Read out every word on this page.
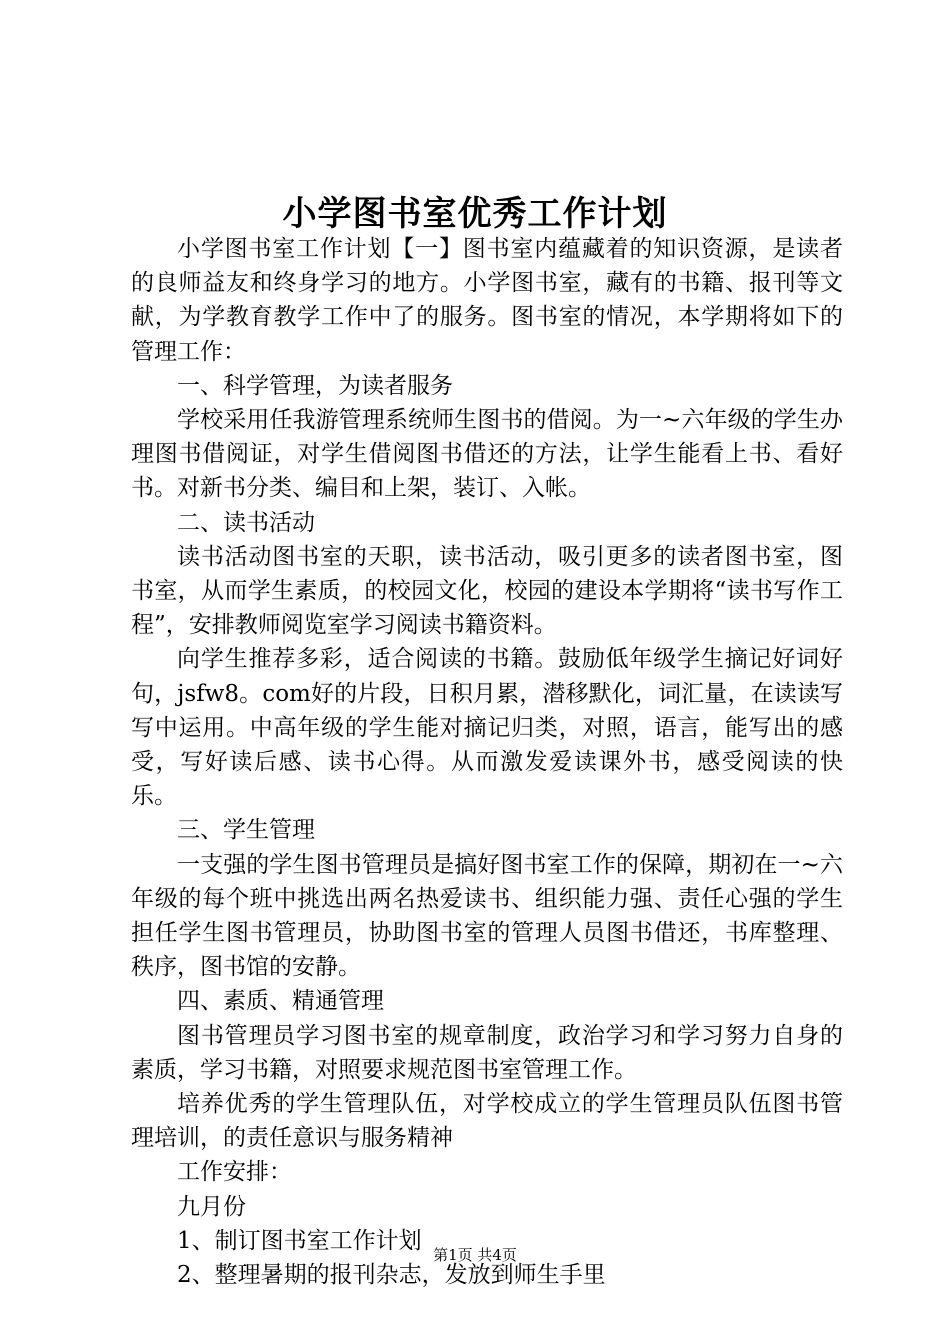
小学图书室优秀工作计划

小学图书室工作计划【一】图书室内蕴藏着的知识资源，是读者的良师益友和终身学习的地方。小学图书室，藏有的书籍、报刊等文献，为学教育教学工作中了的服务。图书室的情况，本学期将如下的管理工作：

一、科学管理，为读者服务

学校采用任我游管理系统师生图书的借阅。为一~六年级的学生办理图书借阅证，对学生借阅图书借还的方法，让学生能看上书、看好书。对新书分类、编目和上架，装订、入帐。

二、读书活动

读书活动图书室的天职，读书活动，吸引更多的读者图书室，图书室，从而学生素质，的校园文化，校园的建设本学期将“读书写作工程”，安排教师阅览室学习阅读书籍资料。

向学生推荐多彩，适合阅读的书籍。鼓励低年级学生摘记好词好句，jsfw8。com好的片段，日积月累，潜移默化，词汇量，在读读写写中运用。中高年级的学生能对摘记归类，对照，语言，能写出的感受，写好读后感、读书心得。从而激发爱读课外书，感受阅读的快乐。

三、学生管理

一支强的学生图书管理员是搞好图书室工作的保障，期初在一~六年级的每个班中挑选出两名热爱读书、组织能力强、责任心强的学生担任学生图书管理员，协助图书室的管理人员图书借还，书库整理、秩序，图书馆的安静。

四、素质、精通管理

图书管理员学习图书室的规章制度，政治学习和学习努力自身的素质，学习书籍，对照要求规范图书室管理工作。

培养优秀的学生管理队伍，对学校成立的学生管理员队伍图书管理培训，的责任意识与服务精神

工作安排：

九月份

1、制订图书室工作计划

2、整理暑期的报刊杂志，发放到师生手里

第1页 共4页
